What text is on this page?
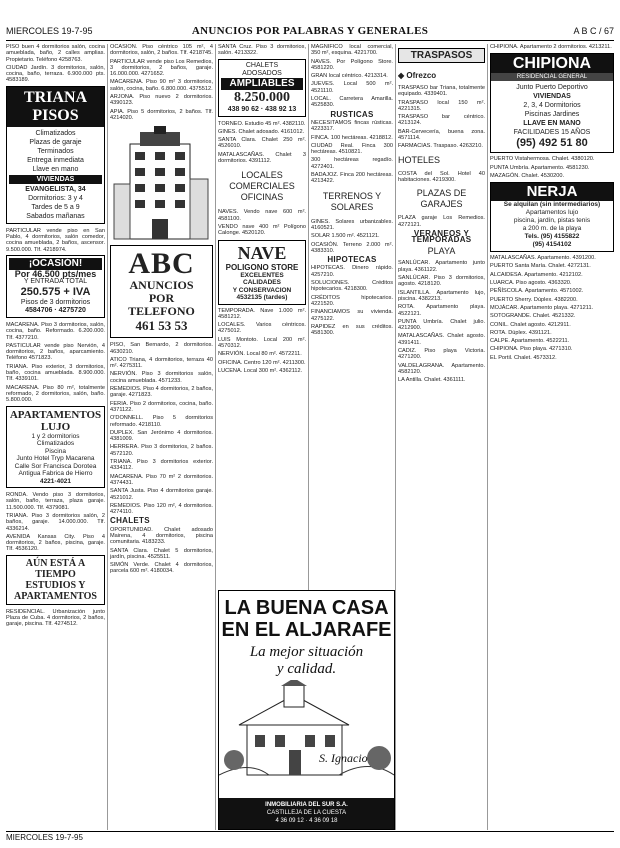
MIERCOLES 19-7-95	ANUNCIOS POR PALABRAS Y GENERALES	A B C / 67

PISO buen 4 dormitorios salón, cocina amueblada, baño, 2 calles amplias. Propietario. Teléfono 4258763.

CIUDAD Jardín. 3 dormitorios, salón, cocina, baño, terraza. 6.900.000 pts. 4583189.

TRIANA
PISOS
Climatizados
Plazas de garaje
Terminados
Entrega inmediata
Llave en mano
VIVIENDAS
EVANGELISTA, 34
Dormitorios: 3 y 4
Tardes de 5 a 9
Sabados mañanas

PARTICULAR vende piso en San Pablo, 4 dormitorios, salón comedor, cocina amueblada, 2 baños, ascensor. 9.500.000. Tlf. 4218974.

¡OCASIÓN!
Por 46.500 pts/mes
Y ENTRADA TOTAL
250.575 + IVA
Pisos de 3 dormitorios
4584706 · 4275720

MACARENA. Piso 3 dormitorios, salón, cocina, baño. Reformado. 6.200.000. Tlf. 4377210.

PASTICULAR vende piso Nervión, 4 dormitorios, 2 baños, aparcamiento. Teléfono 4571823.

TRIANA. Piso exterior, 3 dormitorios, baño, cocina amueblada. 8.900.000. Tlf. 4339101.

MACARENA. Piso 80 m², totalmente reformado, 2 dormitorios, salón, baño. 5.800.000.

APARTAMENTOS
LUJO
1 y 2 dormitorios
Climatizados
Piscina
Junto Hotel Tryp Macarena
Calle Sor Francisca Dorotea
Antigua Fabrica de Hierro
4221·4021

RONDA. Vendo piso 3 dormitorios, salón, baño, terraza, plaza garaje. 11.500.000. Tlf. 4379081.

TRIANA. Piso 3 dormitorios salón, 2 baños, garaje. 14.000.000. Tlf. 4336214.

AVENIDA Kansas City. Piso 4 dormitorios, 2 baños, piscina, garaje. Tlf. 4536120.

AÚN ESTÁ A
TIEMPO
ESTUDIOS Y
APARTAMENTOS

RESIDENCIAL. Urbanización junto Plaza de Cuba. 4 dormitorios, 2 baños, garaje, piscina. Tlf. 4274512.

OCASIÓN. Piso céntrico 105 m², 4 dormitorios, salón, 2 baños. Tlf. 4218745.

PARTICULAR vende piso Los Remedios, 3 dormitorios, 2 baños, garaje. 16.000.000. 4271652.

MACARENA. Piso 90 m² 3 dormitorios, salón, cocina, baño. 6.800.000. 4375512.

ARJONA. Piso nuevo 2 dormitorios. 4390123.

APIA. Piso 5 dormitorios, 2 baños. Tlf. 4214020.

ABC
ANUNCIOS
POR
TELEFONO
461 53 53

PISO, San Bernardo, 2 dormitorios. 4630210.

ATICO Triana, 4 dormitorios, terraza 40 m². 4275311.

NERVIÓN. Piso 3 dormitorios salón, cocina amueblada. 4571233.

REMEDIOS. Piso 4 dormitorios, 2 baños, garaje. 4271823.

FERIA. Piso 2 dormitorios, cocina, baño. 4371122.

O'DONNELL. Piso 5 dormitorios reformado. 4218110.

DUPLEX. San Jerónimo 4 dormitorios. 4381009.

HERRERA. Piso 3 dormitorios, 2 baños. 4572120.

TRIANA. Piso 3 dormitorios exterior. 4334112.

MACARENA. Piso 70 m² 2 dormitorios. 4374431.

SANTA Justa. Piso 4 dormitorios garaje. 4521012.

REMEDIOS. Piso 120 m², 4 dormitorios. 4274110.

CHALETS

OPORTUNIDAD. Chalet adosado Mairena, 4 dormitorios, piscina comunitaria. 4183233.

SANTA Clara. Chalet 5 dormitorios, jardín, piscina. 4525511.

SIMÓN Verde. Chalet 4 dormitorios, parcela 600 m². 4180034.

SANTA Cruz. Piso 3 dormitorios, salón. 4213322.

CHALETS
ADOSADOS
AMPLIABLES
8.250.000
438 90 62 · 438 92 13

TORNEO. Estudio 45 m². 4382110.

GINES. Chalet adosado. 4161012.

SANTA Clara. Chalet 250 m². 4526010.

MATALASCAÑAS. Chalet 3 dormitorios. 4391112.

LOCALES COMERCIALES OFICINAS

NAVES. Vendo nave 600 m². 4581100.

VENDO nave 400 m² Polígono Calonge. 4520120.

NAVE
POLIGONO STORE
EXCELENTES CALIDADES
Y CONSERVACION
4532135 (tardes)

TEMPORADA. Nave 1.000 m². 4581212.

LOCALES. Varios céntricos. 4275012.

LUIS Montoto. Local 200 m². 4570312.

NERVIÓN. Local 80 m². 4572211.

OFICINA. Centro 120 m². 4211300.

LUCENA. Local 300 m². 4362112.

MAGNIFICO local comercial, 350 m², esquina. 4221700.

NAVES. Por Polígono Store. 4581220.

GRAN local céntrico. 4213314.

JUEVES. Local 500 m². 4521110.

LOCAL. Carretera Amarilla. 4525830.

RUSTICAS

NECESITAMOS fincas rústicas. 4223317.

FINCA. 100 hectáreas. 4218812.

CIUDAD Real. Finca 300 hectáreas. 4510821.

300 hectáreas regadío. 4272401.

BADAJOZ. Finca 200 hectáreas. 4213422.

TERRENOS Y SOLARES

GINES. Solares urbanizables. 4160521.

SOLAR 1.500 m². 4521121.

OCASIÓN. Terreno 2.000 m². 4383310.

HIPOTECAS

HIPOTECAS. Dinero rápido. 4257210.

SOLUCIONES. Créditos hipotecarios. 4218300.

CRÉDITOS hipotecarios. 4221520.

FINANCIAMOS su vivienda. 4275122.

RAPIDEZ en sus créditos. 4581300.

LA BUENA CASA
EN EL ALJARAFE
La mejor situación
y calidad.
S. Ignacio
INMOBILIARIA DEL SUR S.A.
CASTILLEJA DE LA CUESTA
4 36 09 12 · 4 36 09 18
TRASPASOS
◆ Ofrezco

TRASPASO bar Triana, totalmente equipado. 4339401.

TRASPASO local 150 m². 4221315.

TRASPASO bar céntrico. 4213124.

BAR-Cervecería, buena zona. 4571114.

FARMACIAS. Traspaso. 4263210.

HOTELES

COSTA del Sol. Hotel 40 habitaciones. 4219300.

PLAZAS DE GARAJES

PLAZA garaje Los Remedios. 4272121.

VERANEOS Y TEMPORADAS
PLAYA

SANLÚCAR. Apartamento junto playa. 4361122.

SANLÚCAR. Piso 3 dormitorios, agosto. 4218120.

ISLANTILLA. Apartamento lujo, piscina. 4382213.

ROTA. Apartamento playa. 4522121.

PUNTA Umbría. Chalet julio. 4212900.

MATALASCAÑAS. Chalet agosto. 4391411.

CADIZ. Piso playa Victoria. 4271200.

VALDELAGRANA. Apartamento. 4582120.

LA Antilla. Chalet. 4361111.

CHIPIONA. Apartamento 2 dormitorios. 4213211.

CHIPIONA
RESIDENCIAL GENERAL
Junto Puerto Deportivo
VIVIENDAS
2, 3, 4 Dormitorios
Piscinas Jardines
LLAVE EN MANO
FACILIDADES 15 AÑOS
(95) 492 51 80

PUERTO Vistahermosa. Chalet. 4380120.

PUNTA Umbría. Apartamento. 4581230.

MAZAGÓN. Chalet. 4530200.

NERJA
Se alquilan (sin intermediarios)
Apartamentos lujo
piscina, jardín, pistas tenis
a 200 m. de la playa
Tels. (95) 4155822
(95) 4154102

MATALASCAÑAS. Apartamento. 4391200.

PUERTO Santa María. Chalet. 4272131.

ALCAIDESA. Apartamento. 4212102.

LUARCA. Piso agosto. 4363320.

PEÑÍSCOLA. Apartamento. 4571002.

PUERTO Sherry. Dúplex. 4382200.

MOJÁCAR. Apartamento playa. 4271211.

SOTOGRANDE. Chalet. 4521332.

CONIL. Chalet agosto. 4212911.

ROTA. Dúplex. 4391121.

CALPE. Apartamento. 4522211.

CHIPIONA. Piso playa. 4271310.

EL Portil. Chalet. 4573312.

MIERCOLES 19-7-95
